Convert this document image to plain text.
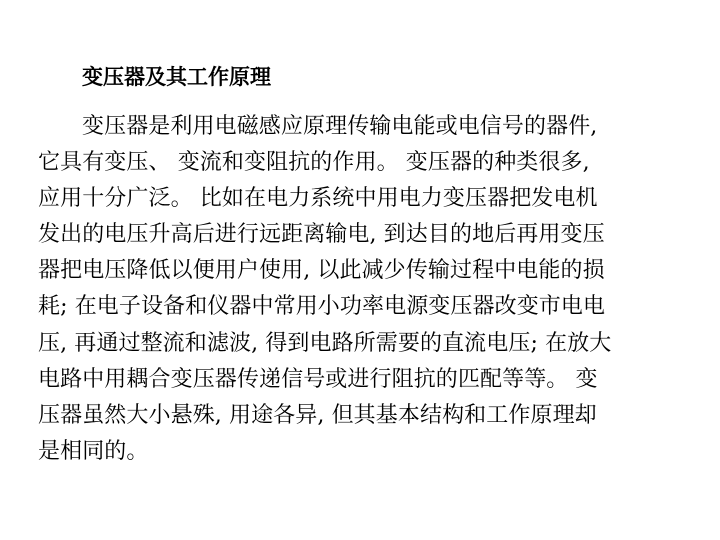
变压器及其工作原理
变压器是利用电磁感应原理传输电能或电信号的器件,
它具有变压、 变流和变阻抗的作用。 变压器的种类很多,
应用十分广泛。 比如在电力系统中用电力变压器把发电机
发出的电压升高后进行远距离输电, 到达目的地后再用变压
器把电压降低以便用户使用, 以此减少传输过程中电能的损
耗; 在电子设备和仪器中常用小功率电源变压器改变市电电
压, 再通过整流和滤波, 得到电路所需要的直流电压; 在放大
电路中用耦合变压器传递信号或进行阻抗的匹配等等。 变
压器虽然大小悬殊, 用途各异, 但其基本结构和工作原理却
是相同的。
